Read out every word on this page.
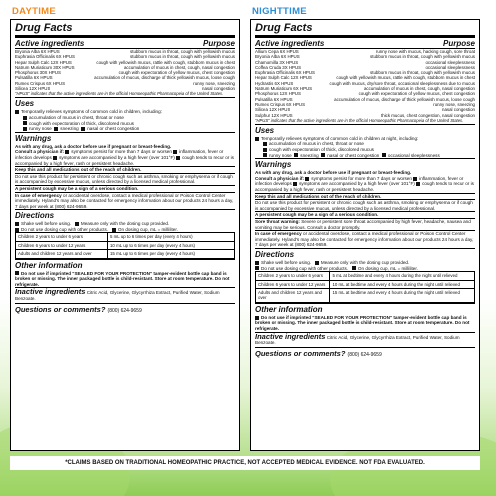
DAYTIME	NIGHTTIME
Drug Facts
Active ingredients	Purpose
Bryonia Alba 6X HPUS	stubborn mucus in throat, cough with yellowish mucus
Euphrasia Officinalis 6X HPUS	stubborn mucus in throat, cough with yellowish mucus
Hepar Sulph Calc 12X HPUS	cough with yellowish mucus, rattle with cough, stubborn mucus in chest
Natrum Muriaticum 30X HPUS	accumulation of mucus in chest, cough, nasal congestion
Phosphorus 30X HPUS	cough with expectoration of yellow mucus, chest congestion
Pulsatilla 6X HPUS	accumulation of mucus, discharge of thick yellowish mucus, loose cough
Rumex Crispus 6X HPUS	runny nose, sneezing
Silicea 12X HPUS	nasal congestion
"HPUS" indicates that the active ingredients are in the official Homoeopathic Pharmacopeia of the United States.
Uses
Temporarily relieves symptoms of common cold in children, including:
accumulation of mucus in chest, throat or nose
cough with expectoration of thick, discolored mucus
runny nose sneezing nasal or chest congestion
Warnings
As with any drug, ask a doctor before use if pregnant or breast-feeding.
Consult a physician if: symptoms persist for more than 7 days or worsen inflammation, fever or infection develops symptoms are accompanied by a high fever (over 101°F) cough tends to recur or is accompanied by a high fever, rash or persistent headache.
Keep this and all medications out of the reach of children.
Do not use this product for persistent or chronic cough such as asthma, smoking or emphysema or if cough is accompanied by excessive mucus, unless directed by a licensed medical professional.
A persistent cough may be a sign of a serious condition.
In case of emergency or accidental overdose, contact a medical professional or Poison Control Center immediately. Hyland's may also be contacted for emergency information about our products 24 hours a day, 7 days per week at (800) 624-9659.
Directions
Shake well before using. Measure only with the dosing cup provided.
Do not use dosing cup with other products. On dosing cup, mL = milliliter.
Children 2 years to under 6 years	5 mL up to 6 times per day (every 4 hours)
Children 6 years to under 12 years	10 mL up to 6 times per day (every 4 hours)
Adults and children 12 years and over	15 mL up to 6 times per day (every 4 hours)
Other information
Do not use if imprinted "SEALED FOR YOUR PROTECTION" tamper-evident bottle cap band is broken or missing. The inner packaged bottle is child-resistant. Store at room temperature. Do not refrigerate.
Inactive ingredients Citric Acid, Glycerine, Glycyrrhiza Extract, Purified Water, Sodium Benzoate.
Questions or comments? (800) 624-9659
Drug Facts
Active ingredients	Purpose
Allium Cepa 6X HPUS	runny nose with mucus, hacking cough, sore throat
Bryonia Alba 6X HPUS	stubborn mucus in throat, cough with yellowish mucus
Chamomilla 3X HPUS	occasional sleeplessness
Coffea Cruda 3X HPUS	occasional sleeplessness
Euphrasia Officinalis 6X HPUS	stubborn mucus in throat, cough with yellowish mucus
Hepar Sulph Calc 12X HPUS	cough with yellowish mucus, rattle with cough, stubborn mucus in chest
Hydrastis 6X HPUS	cough with mucus, dry/sore throat, occasional sleeplessness due to mucus
Natrum Muriaticum 6X HPUS	accumulation of mucus in chest, cough, nasal congestion
Phosphorus 12X HPUS	cough with expectoration of yellow mucus, chest congestion
Pulsatilla 6X HPUS	accumulation of mucus, discharge of thick yellowish mucus, loose cough
Rumex Crispus 6X HPUS	runny nose, sneezing
Silicea 12X HPUS	nasal congestion
Sulphur 12X HPUS	thick mucus, chest congestion, nasal congestion
"HPUS" indicates that the active ingredients are in the official Homoeopathic Pharmacopeia of the United States.
Uses
Temporarily relieves symptoms of common cold in children at night, including:
accumulation of mucus in chest, throat or nose
cough with expectoration of thick, discolored mucus
runny nose sneezing nasal or chest congestion occasional sleeplessness
Warnings
As with any drug, ask a doctor before use if pregnant or breast-feeding.
Consult a physician if: symptoms persist for more than 7 days or worsen inflammation, fever or infection develops symptoms are accompanied by a high fever (over 101°F) cough tends to recur or is accompanied by a high fever, rash or persistent headache.
Keep this and all medications out of the reach of children.
Do not use this product for persistent or chronic cough such as asthma, smoking or emphysema or if cough is accompanied by excessive mucus, unless directed by a licensed medical professional.
A persistent cough may be a sign of a serious condition.
Sore throat warning: Severe or persistent sore throat accompanied by high fever, headache, nausea and vomiting may be serious. Consult a doctor promptly.
In case of emergency or accidental overdose, contact a medical professional or Poison Control Center immediately. Hyland's may also be contacted for emergency information about our products 24 hours a day, 7 days per week at (800) 624-9659.
Directions
Shake well before using. Measure only with the dosing cup provided.
Do not use dosing cup with other products. On dosing cup, mL = milliliter.
Children 2 years to under 6 years	5 mL at bedtime and every 4 hours during the night until relieved
Children 6 years to under 12 years	10 mL at bedtime and every 4 hours during the night until relieved
Adults and children 12 years and over	15 mL at bedtime and every 4 hours during the night until relieved
Other information
Do not use if imprinted "SEALED FOR YOUR PROTECTION" tamper-evident bottle cap band is broken or missing. The inner packaged bottle is child-resistant. Store at room temperature. Do not refrigerate.
Inactive ingredients Citric Acid, Glycerine, Glycyrrhiza Extract, Purified Water, Sodium Benzoate.
Questions or comments? (800) 624-9659
*CLAIMS BASED ON TRADITIONAL HOMEOPATHIC PRACTICE, NOT ACCEPTED MEDICAL EVIDENCE. NOT FDA EVALUATED.
